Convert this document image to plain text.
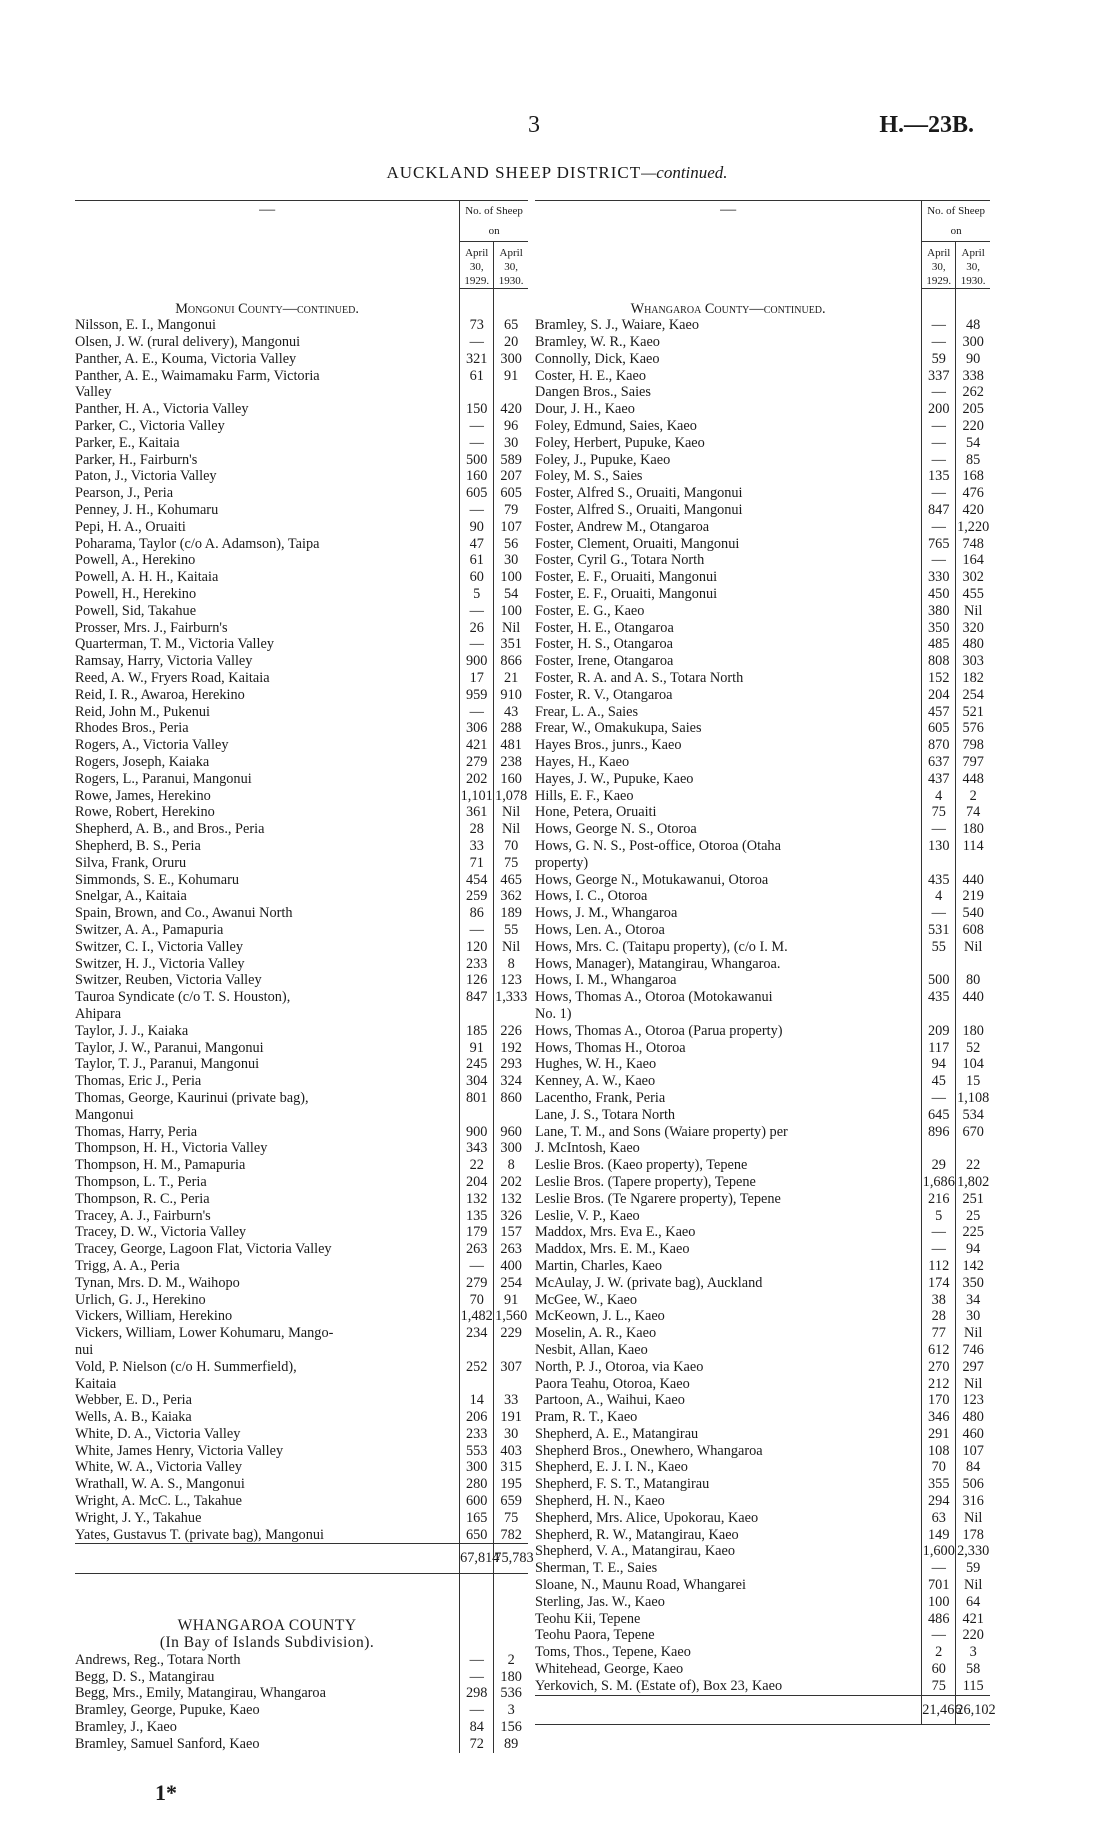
3	H.—23B.
AUCKLAND SHEEP DISTRICT—continued.
—	No. of Sheep on	
	April 30, 1929.	April 30, 1930.
Mongonui County—continued.		
Nilsson, E. I., Mangonui	73	65
Olsen, J. W. (rural delivery), Mangonui	—	20
Panther, A. E., Kouma, Victoria Valley	321	300
Panther, A. E., Waimamaku Farm, Victoria	61	91
Valley		
Panther, H. A., Victoria Valley	150	420
Parker, C., Victoria Valley	—	96
Parker, E., Kaitaia	—	30
Parker, H., Fairburn's	500	589
Paton, J., Victoria Valley	160	207
Pearson, J., Peria	605	605
Penney, J. H., Kohumaru	—	79
Pepi, H. A., Oruaiti	90	107
Poharama, Taylor (c/o A. Adamson), Taipa	47	56
Powell, A., Herekino	61	30
Powell, A. H. H., Kaitaia	60	100
Powell, H., Herekino	5	54
Powell, Sid, Takahue	—	100
Prosser, Mrs. J., Fairburn's	26	Nil
Quarterman, T. M., Victoria Valley	—	351
Ramsay, Harry, Victoria Valley	900	866
Reed, A. W., Fryers Road, Kaitaia	17	21
Reid, I. R., Awaroa, Herekino	959	910
Reid, John M., Pukenui	—	43
Rhodes Bros., Peria	306	288
Rogers, A., Victoria Valley	421	481
Rogers, Joseph, Kaiaka	279	238
Rogers, L., Paranui, Mangonui	202	160
Rowe, James, Herekino	1,101	1,078
Rowe, Robert, Herekino	361	Nil
Shepherd, A. B., and Bros., Peria	28	Nil
Shepherd, B. S., Peria	33	70
Silva, Frank, Oruru	71	75
Simmonds, S. E., Kohumaru	454	465
Snelgar, A., Kaitaia	259	362
Spain, Brown, and Co., Awanui North	86	189
Switzer, A. A., Pamapuria	—	55
Switzer, C. I., Victoria Valley	120	Nil
Switzer, H. J., Victoria Valley	233	8
Switzer, Reuben, Victoria Valley	126	123
Tauroa Syndicate (c/o T. S. Houston),	847	1,333
Ahipara		
Taylor, J. J., Kaiaka	185	226
Taylor, J. W., Paranui, Mangonui	91	192
Taylor, T. J., Paranui, Mangonui	245	293
Thomas, Eric J., Peria	304	324
Thomas, George, Kaurinui (private bag),	801	860
Mangonui		
Thomas, Harry, Peria	900	960
Thompson, H. H., Victoria Valley	343	300
Thompson, H. M., Pamapuria	22	8
Thompson, L. T., Peria	204	202
Thompson, R. C., Peria	132	132
Tracey, A. J., Fairburn's	135	326
Tracey, D. W., Victoria Valley	179	157
Tracey, George, Lagoon Flat, Victoria Valley	263	263
Trigg, A. A., Peria	—	400
Tynan, Mrs. D. M., Waihopo	279	254
Urlich, G. J., Herekino	70	91
Vickers, William, Herekino	1,482	1,560
Vickers, William, Lower Kohumaru, Mango-	234	229
nui		
Vold, P. Nielson (c/o H. Summerfield),	252	307
Kaitaia		
Webber, E. D., Peria	14	33
Wells, A. B., Kaiaka	206	191
White, D. A., Victoria Valley	233	30
White, James Henry, Victoria Valley	553	403
White, W. A., Victoria Valley	300	315
Wrathall, W. A. S., Mangonui	280	195
Wright, A. McC. L., Takahue	600	659
Wright, J. Y., Takahue	165	75
Yates, Gustavus T. (private bag), Mangonui	650	782
	67,814	75,783

WHANGAROA COUNTY		
(In Bay of Islands Subdivision).		
Andrews, Reg., Totara North	—	2
Begg, D. S., Matangirau	—	180
Begg, Mrs., Emily, Matangirau, Whangaroa	298	536
Bramley, George, Pupuke, Kaeo	—	3
Bramley, J., Kaeo	84	156
Bramley, Samuel Sanford, Kaeo	72	89
—	No. of Sheep on	
	April 30, 1929.	April 30, 1930.
Whangaroa County—continued.		
Bramley, S. J., Waiare, Kaeo	—	48
Bramley, W. R., Kaeo	—	300
Connolly, Dick, Kaeo	59	90
Coster, H. E., Kaeo	337	338
Dangen Bros., Saies	—	262
Dour, J. H., Kaeo	200	205
Foley, Edmund, Saies, Kaeo	—	220
Foley, Herbert, Pupuke, Kaeo	—	54
Foley, J., Pupuke, Kaeo	—	85
Foley, M. S., Saies	135	168
Foster, Alfred S., Oruaiti, Mangonui	—	476
Foster, Alfred S., Oruaiti, Mangonui	847	420
Foster, Andrew M., Otangaroa	—	1,220
Foster, Clement, Oruaiti, Mangonui	765	748
Foster, Cyril G., Totara North	—	164
Foster, E. F., Oruaiti, Mangonui	330	302
Foster, E. F., Oruaiti, Mangonui	450	455
Foster, E. G., Kaeo	380	Nil
Foster, H. E., Otangaroa	350	320
Foster, H. S., Otangaroa	485	480
Foster, Irene, Otangaroa	808	303
Foster, R. A. and A. S., Totara North	152	182
Foster, R. V., Otangaroa	204	254
Frear, L. A., Saies	457	521
Frear, W., Omakukupa, Saies	605	576
Hayes Bros., junrs., Kaeo	870	798
Hayes, H., Kaeo	637	797
Hayes, J. W., Pupuke, Kaeo	437	448
Hills, E. F., Kaeo	4	2
Hone, Petera, Oruaiti	75	74
Hows, George N. S., Otoroa	—	180
Hows, G. N. S., Post-office, Otoroa (Otaha	130	114
property)		
Hows, George N., Motukawanui, Otoroa	435	440
Hows, I. C., Otoroa	4	219
Hows, J. M., Whangaroa	—	540
Hows, Len. A., Otoroa	531	608
Hows, Mrs. C. (Taitapu property), (c/o I. M.	55	Nil
Hows, Manager), Matangirau, Whangaroa.		
Hows, I. M., Whangaroa	500	80
Hows, Thomas A., Otoroa (Motokawanui	435	440
No. 1)		
Hows, Thomas A., Otoroa (Parua property)	209	180
Hows, Thomas H., Otoroa	117	52
Hughes, W. H., Kaeo	94	104
Kenney, A. W., Kaeo	45	15
Lacentho, Frank, Peria	—	1,108
Lane, J. S., Totara North	645	534
Lane, T. M., and Sons (Waiare property) per	896	670
J. McIntosh, Kaeo		
Leslie Bros. (Kaeo property), Tepene	29	22
Leslie Bros. (Tapere property), Tepene	1,686	1,802
Leslie Bros. (Te Ngarere property), Tepene	216	251
Leslie, V. P., Kaeo	5	25
Maddox, Mrs. Eva E., Kaeo	—	225
Maddox, Mrs. E. M., Kaeo	—	94
Martin, Charles, Kaeo	112	142
McAulay, J. W. (private bag), Auckland	174	350
McGee, W., Kaeo	38	34
McKeown, J. L., Kaeo	28	30
Moselin, A. R., Kaeo	77	Nil
Nesbit, Allan, Kaeo	612	746
North, P. J., Otoroa, via Kaeo	270	297
Paora Teahu, Otoroa, Kaeo	212	Nil
Partoon, A., Waihui, Kaeo	170	123
Pram, R. T., Kaeo	346	480
Shepherd, A. E., Matangirau	291	460
Shepherd Bros., Onewhero, Whangaroa	108	107
Shepherd, E. J. I. N., Kaeo	70	84
Shepherd, F. S. T., Matangirau	355	506
Shepherd, H. N., Kaeo	294	316
Shepherd, Mrs. Alice, Upokorau, Kaeo	63	Nil
Shepherd, R. W., Matangirau, Kaeo	149	178
Shepherd, V. A., Matangirau, Kaeo	1,600	2,330
Sherman, T. E., Saies	—	59
Sloane, N., Maunu Road, Whangarei	701	Nil
Sterling, Jas. W., Kaeo	100	64
Teohu Kii, Tepene	486	421
Teohu Paora, Tepene	—	220
Toms, Thos., Tepene, Kaeo	2	3
Whitehead, George, Kaeo	60	58
Yerkovich, S. M. (Estate of), Box 23, Kaeo	75	115
	21,466	26,102
1*
